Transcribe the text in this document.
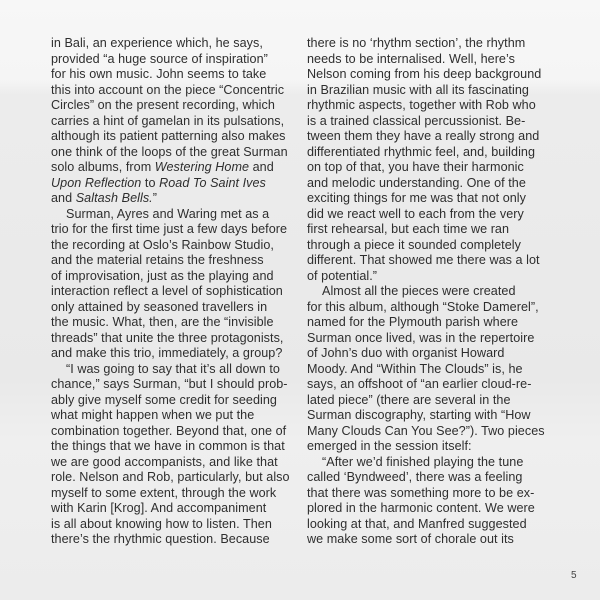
in Bali, an experience which, he says,
provided “a huge source of inspiration”
for his own music. John seems to take
this into account on the piece “Concentric
Circles” on the present recording, which
carries a hint of gamelan in its pulsations,
although its patient patterning also makes
one think of the loops of the great Surman
solo albums, from Westering Home and
Upon Reflection to Road To Saint Ives
and Saltash Bells.”
Surman, Ayres and Waring met as a
trio for the first time just a few days before
the recording at Oslo’s Rainbow Studio,
and the material retains the freshness
of improvisation, just as the playing and
interaction reflect a level of sophistication
only attained by seasoned travellers in
the music. What, then, are the “invisible
threads” that unite the three protagonists,
and make this trio, immediately, a group?
“I was going to say that it’s all down to
chance,” says Surman, “but I should prob-
ably give myself some credit for seeding
what might happen when we put the
combination together. Beyond that, one of
the things that we have in common is that
we are good accompanists, and like that
role. Nelson and Rob, particularly, but also
myself to some extent, through the work
with Karin [Krog]. And accompaniment
is all about knowing how to listen. Then
there’s the rhythmic question. Because
there is no ‘rhythm section’, the rhythm
needs to be internalised. Well, here’s
Nelson coming from his deep background
in Brazilian music with all its fascinating
rhythmic aspects, together with Rob who
is a trained classical percussionist. Be-
tween them they have a really strong and
differentiated rhythmic feel, and, building
on top of that, you have their harmonic
and melodic understanding. One of the
exciting things for me was that not only
did we react well to each from the very
first rehearsal, but each time we ran
through a piece it sounded completely
different. That showed me there was a lot
of potential.”
Almost all the pieces were created
for this album, although “Stoke Damerel”,
named for the Plymouth parish where
Surman once lived, was in the repertoire
of John’s duo with organist Howard
Moody. And “Within The Clouds” is, he
says, an offshoot of “an earlier cloud-re-
lated piece” (there are several in the
Surman discography, starting with “How
Many Clouds Can You See?”). Two pieces
emerged in the session itself:
“After we’d finished playing the tune
called ‘Byndweed’, there was a feeling
that there was something more to be ex-
plored in the harmonic content. We were
looking at that, and Manfred suggested
we make some sort of chorale out its
5
